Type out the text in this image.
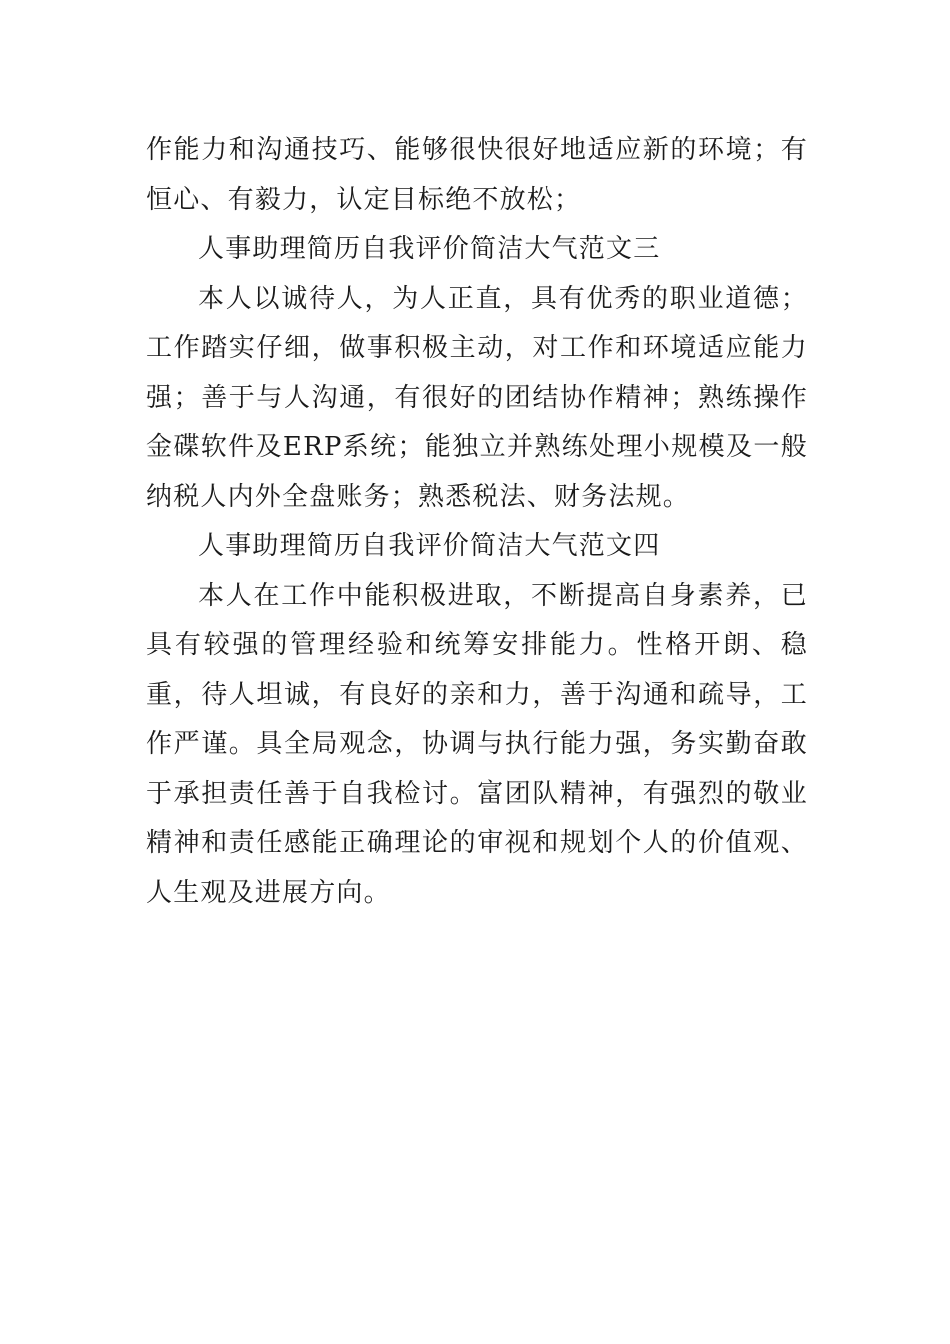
作能力和沟通技巧、能够很快很好地适应新的环境；有恒心、有毅力，认定目标绝不放松；

人事助理简历自我评价简洁大气范文三

本人以诚待人，为人正直，具有优秀的职业道德；工作踏实仔细，做事积极主动，对工作和环境适应能力强；善于与人沟通，有很好的团结协作精神；熟练操作金碟软件及ERP系统；能独立并熟练处理小规模及一般纳税人内外全盘账务；熟悉税法、财务法规。

人事助理简历自我评价简洁大气范文四

本人在工作中能积极进取，不断提高自身素养，已具有较强的管理经验和统筹安排能力。性格开朗、稳重，待人坦诚，有良好的亲和力，善于沟通和疏导，工作严谨。具全局观念，协调与执行能力强，务实勤奋敢于承担责任善于自我检讨。富团队精神，有强烈的敬业精神和责任感能正确理论的审视和规划个人的价值观、人生观及进展方向。
